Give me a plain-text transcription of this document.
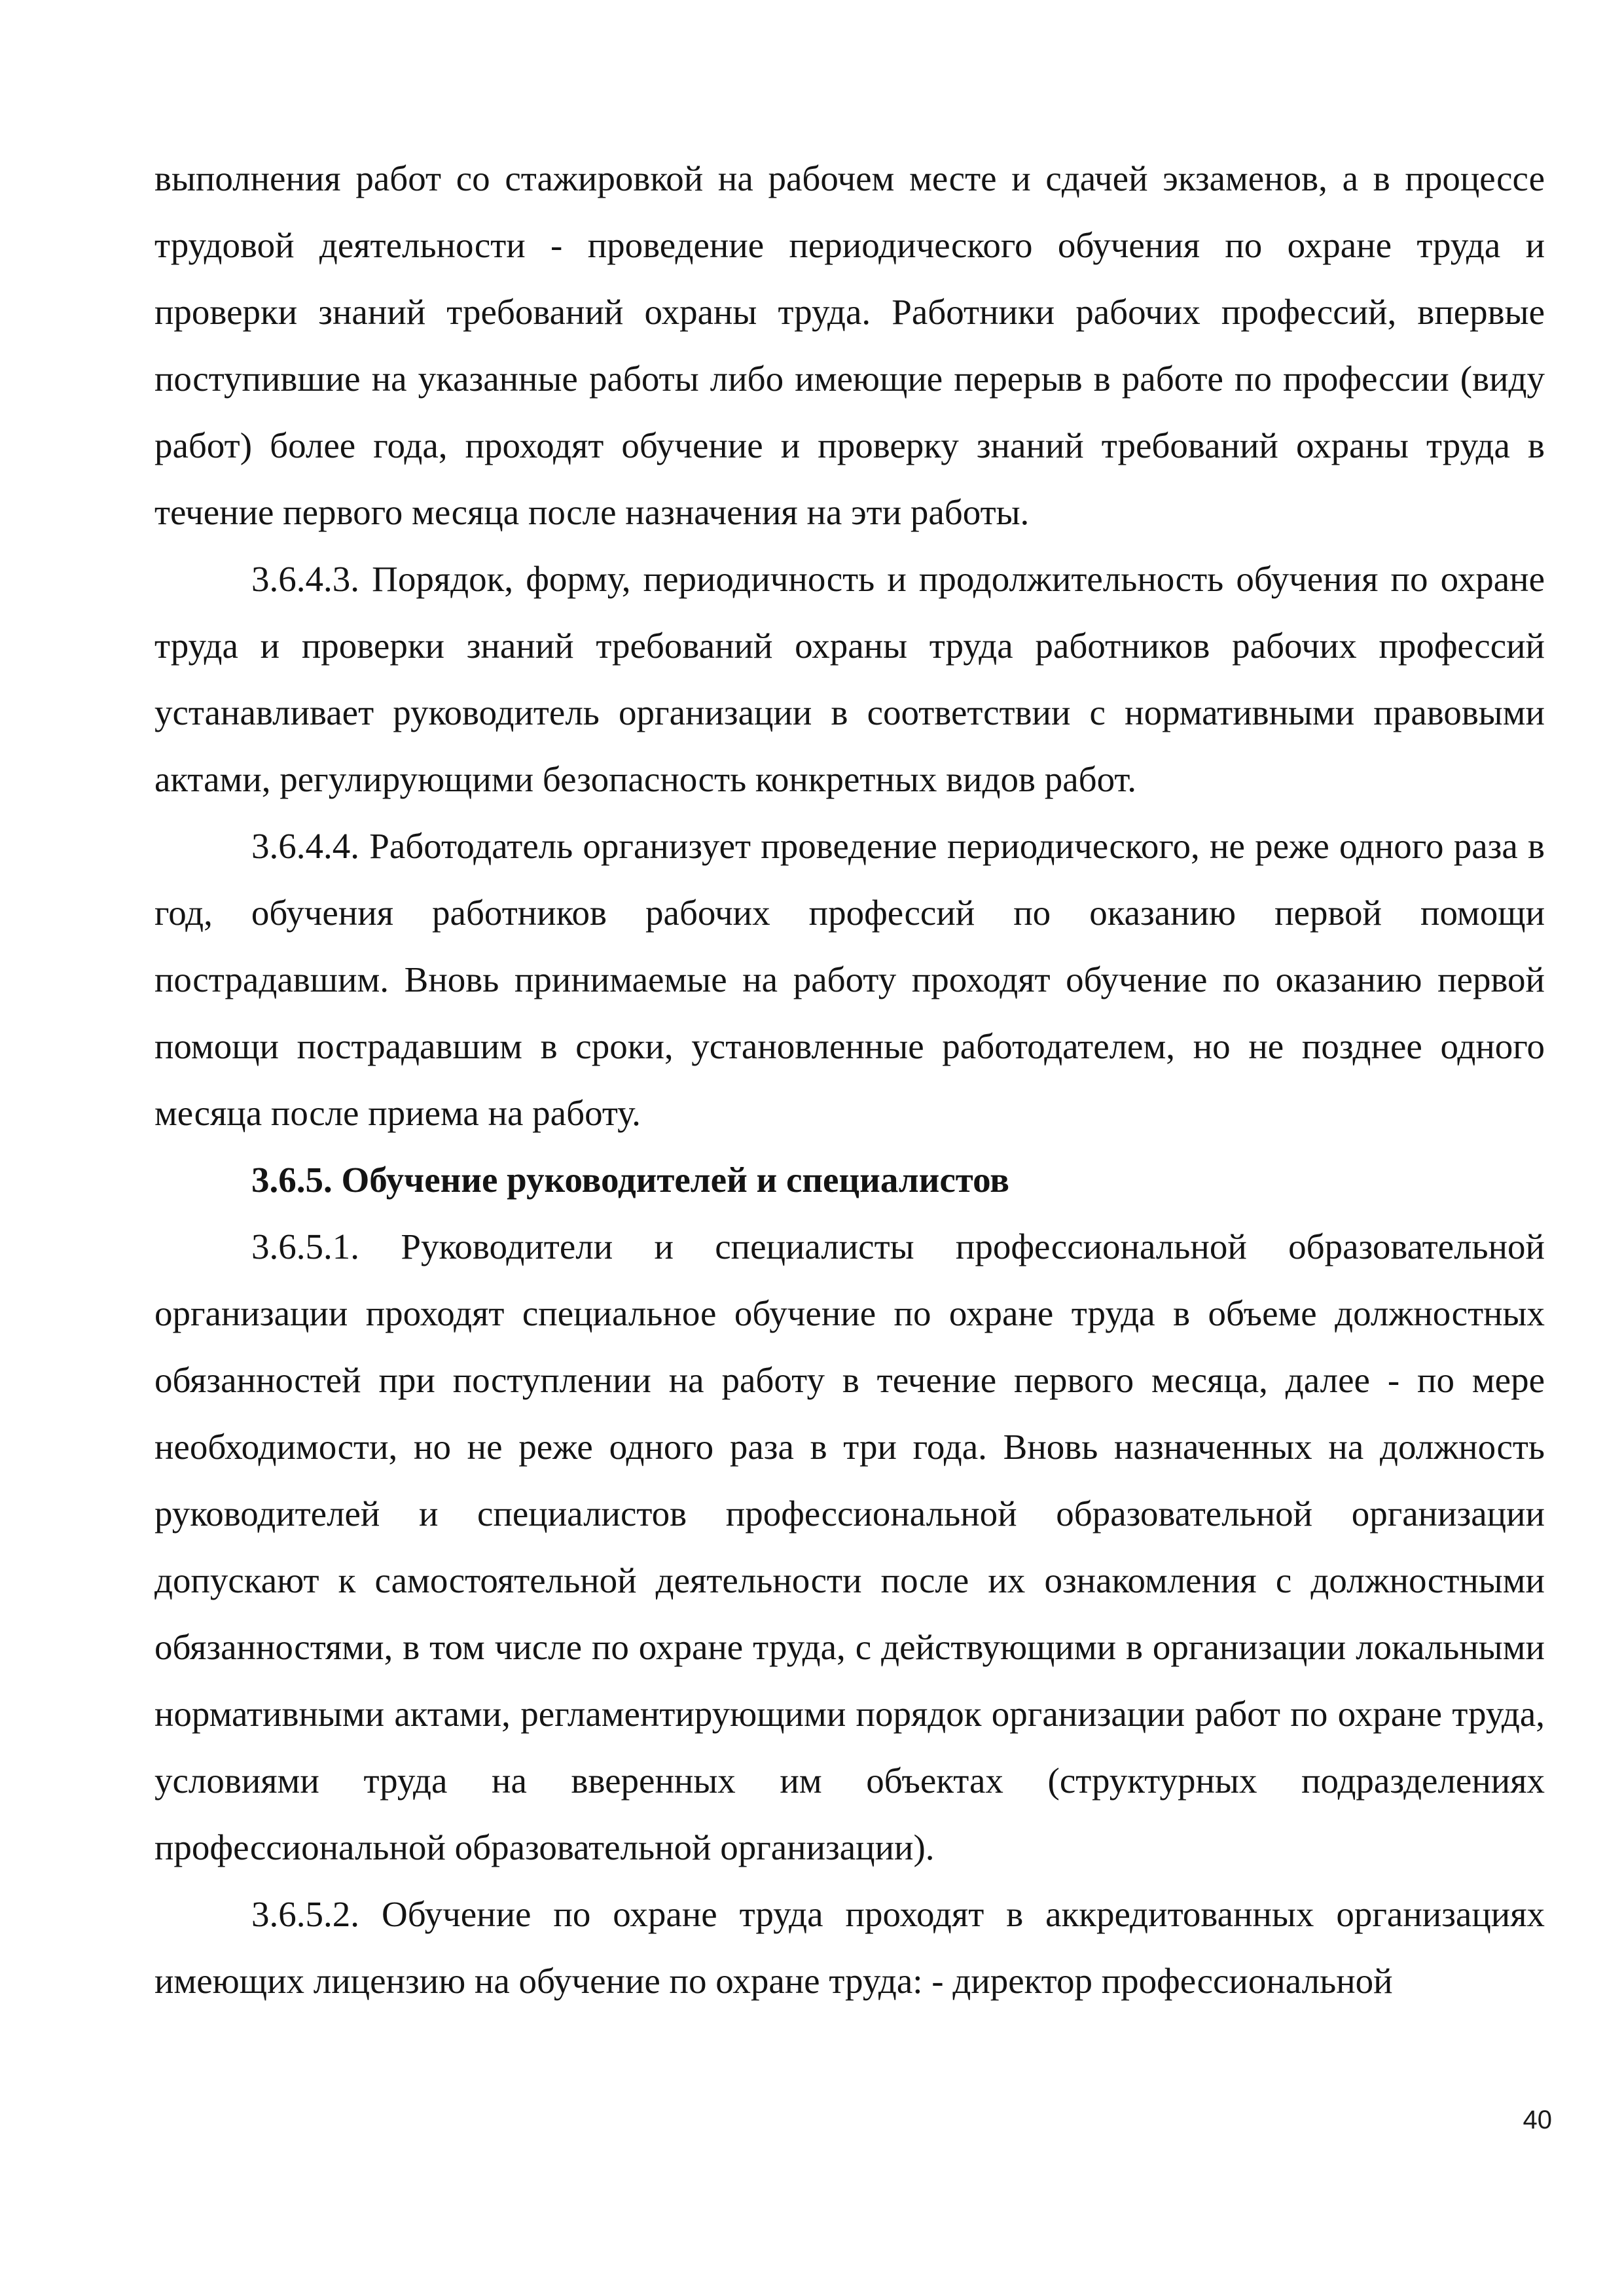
выполнения работ со стажировкой на рабочем месте и сдачей экзаменов, а в процессе трудовой деятельности - проведение периодического обучения по охране труда и проверки знаний требований охраны труда. Работники рабочих профессий, впервые поступившие на указанные работы либо имеющие перерыв в работе по профессии (виду работ) более года, проходят обучение и проверку знаний требований охраны труда в течение первого месяца после назначения на эти работы.

3.6.4.3. Порядок, форму, периодичность и продолжительность обучения по охране труда и проверки знаний требований охраны труда работников рабочих профессий устанавливает руководитель организации в соответствии с нормативными правовыми актами, регулирующими безопасность конкретных видов работ.

3.6.4.4. Работодатель организует проведение периодического, не реже одного раза в год, обучения работников рабочих профессий по оказанию первой помощи пострадавшим. Вновь принимаемые на работу проходят обучение по оказанию первой помощи пострадавшим в сроки, установленные работодателем, но не позднее одного месяца после приема на работу.

3.6.5. Обучение руководителей и специалистов

3.6.5.1. Руководители и специалисты профессиональной образовательной организации проходят специальное обучение по охране труда в объеме должностных обязанностей при поступлении на работу в течение первого месяца, далее - по мере необходимости, но не реже одного раза в три года. Вновь назначенных на должность руководителей и специалистов профессиональной образовательной организации допускают к самостоятельной деятельности после их ознакомления с должностными обязанностями, в том числе по охране труда, с действующими в организации локальными нормативными актами, регламентирующими порядок организации работ по охране труда, условиями труда на вверенных им объектах (структурных подразделениях профессиональной образовательной организации).

3.6.5.2. Обучение по охране труда проходят в аккредитованных организациях имеющих лицензию на обучение по охране труда: - директор профессиональной

40
